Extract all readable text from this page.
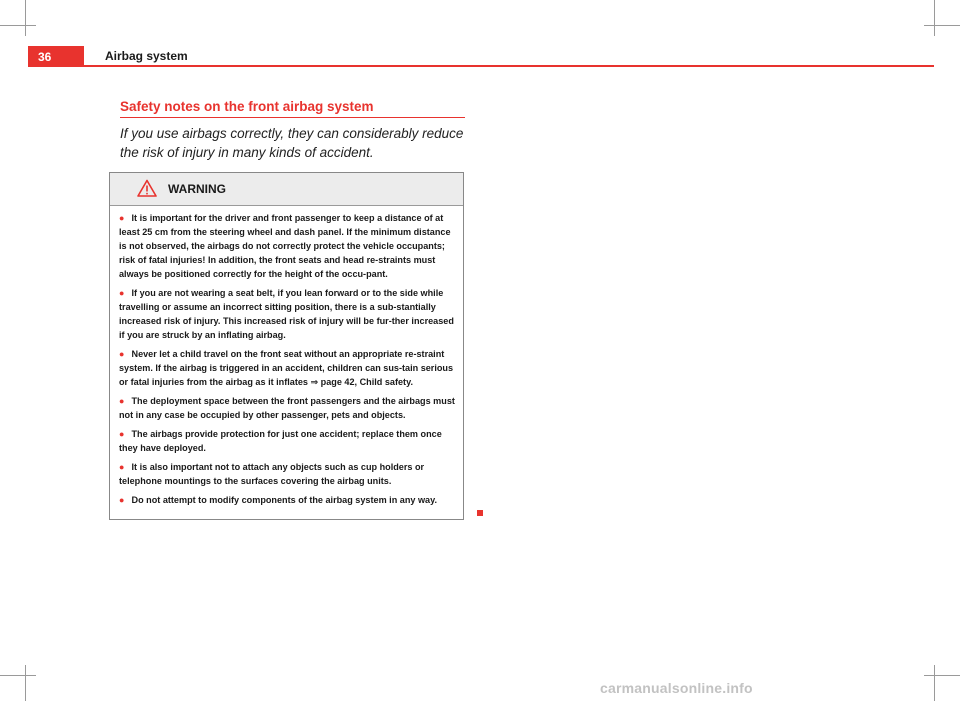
36	Airbag system
Safety notes on the front airbag system
If you use airbags correctly, they can considerably reduce the risk of injury in many kinds of accident.
WARNING
● It is important for the driver and front passenger to keep a distance of at least 25 cm from the steering wheel and dash panel. If the minimum distance is not observed, the airbags do not correctly protect the vehicle occupants; risk of fatal injuries! In addition, the front seats and head re-straints must always be positioned correctly for the height of the occu-pant.
● If you are not wearing a seat belt, if you lean forward or to the side while travelling or assume an incorrect sitting position, there is a sub-stantially increased risk of injury. This increased risk of injury will be fur-ther increased if you are struck by an inflating airbag.
● Never let a child travel on the front seat without an appropriate re-straint system. If the airbag is triggered in an accident, children can sus-tain serious or fatal injuries from the airbag as it inflates ⇒ page 42, Child safety.
● The deployment space between the front passengers and the airbags must not in any case be occupied by other passenger, pets and objects.
● The airbags provide protection for just one accident; replace them once they have deployed.
● It is also important not to attach any objects such as cup holders or telephone mountings to the surfaces covering the airbag units.
● Do not attempt to modify components of the airbag system in any way.
carmanualsonline.info
